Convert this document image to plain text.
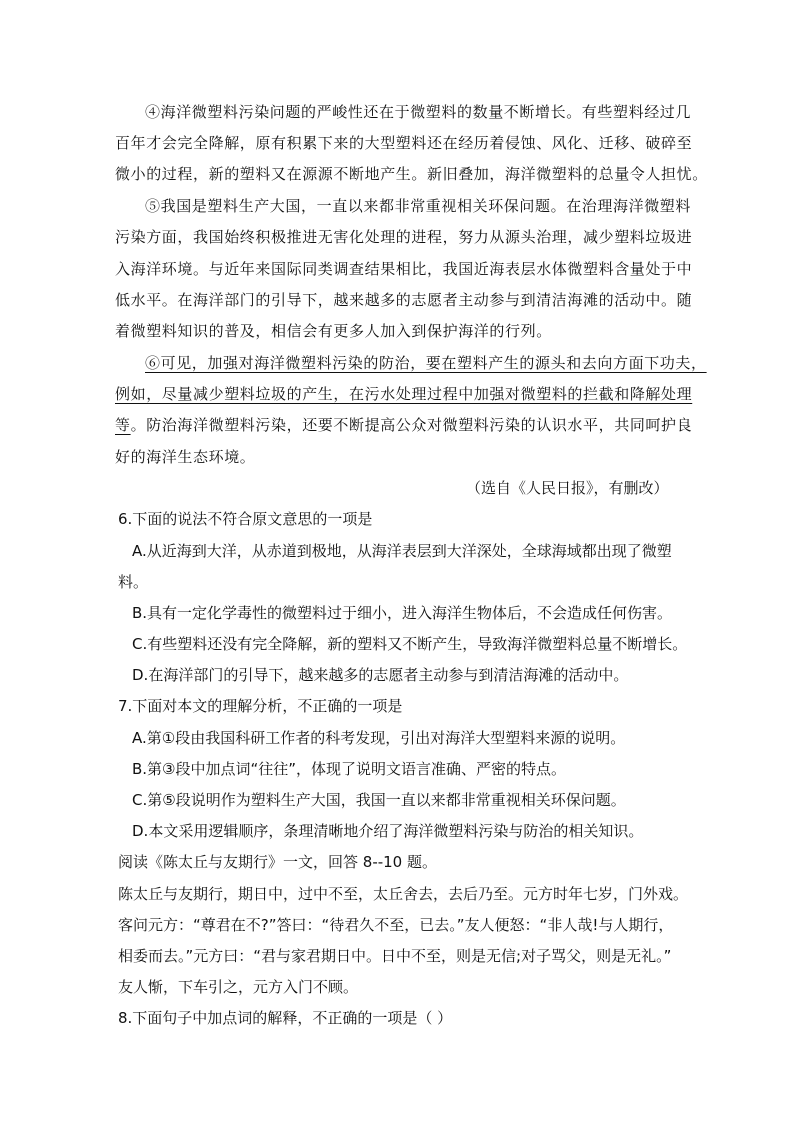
④海洋微塑料污染问题的严峻性还在于微塑料的数量不断增长。有些塑料经过几
百年才会完全降解，原有积累下来的大型塑料还在经历着侵蚀、风化、迁移、破碎至
微小的过程，新的塑料又在源源不断地产生。新旧叠加，海洋微塑料的总量令人担忧。
⑤我国是塑料生产大国，一直以来都非常重视相关环保问题。在治理海洋微塑料
污染方面，我国始终积极推进无害化处理的进程，努力从源头治理，减少塑料垃圾进
入海洋环境。与近年来国际同类调查结果相比，我国近海表层水体微塑料含量处于中
低水平。在海洋部门的引导下，越来越多的志愿者主动参与到清洁海滩的活动中。随
着微塑料知识的普及，相信会有更多人加入到保护海洋的行列。
⑥可见，加强对海洋微塑料污染的防治，要在塑料产生的源头和去向方面下功夫，
例如，尽量减少塑料垃圾的产生，在污水处理过程中加强对微塑料的拦截和降解处理
等。防治海洋微塑料污染，还要不断提高公众对微塑料污染的认识水平，共同呵护良
好的海洋生态环境。
（选自《人民日报》，有删改）
6.下面的说法不符合原文意思的一项是
A.从近海到大洋，从赤道到极地，从海洋表层到大洋深处，全球海域都出现了微塑
料。
B.具有一定化学毒性的微塑料过于细小，进入海洋生物体后，不会造成任何伤害。
C.有些塑料还没有完全降解，新的塑料又不断产生，导致海洋微塑料总量不断增长。
D.在海洋部门的引导下，越来越多的志愿者主动参与到清洁海滩的活动中。
7.下面对本文的理解分析，不正确的一项是
A.第①段由我国科研工作者的科考发现，引出对海洋大型塑料来源的说明。
B.第③段中加点词“往往”，体现了说明文语言准确、严密的特点。
C.第⑤段说明作为塑料生产大国，我国一直以来都非常重视相关环保问题。
D.本文采用逻辑顺序，条理清晰地介绍了海洋微塑料污染与防治的相关知识。
阅读《陈太丘与友期行》一文，回答 8--10 题。
陈太丘与友期行，期日中，过中不至，太丘舍去，去后乃至。元方时年七岁，门外戏。
客问元方：“尊君在不?”答曰：“待君久不至，已去。”友人便怒：“非人哉!与人期行，
相委而去。”元方曰：“君与家君期日中。日中不至，则是无信;对子骂父，则是无礼。”
友人惭，下车引之，元方入门不顾。
8.下面句子中加点词的解释，不正确的一项是（ ）
